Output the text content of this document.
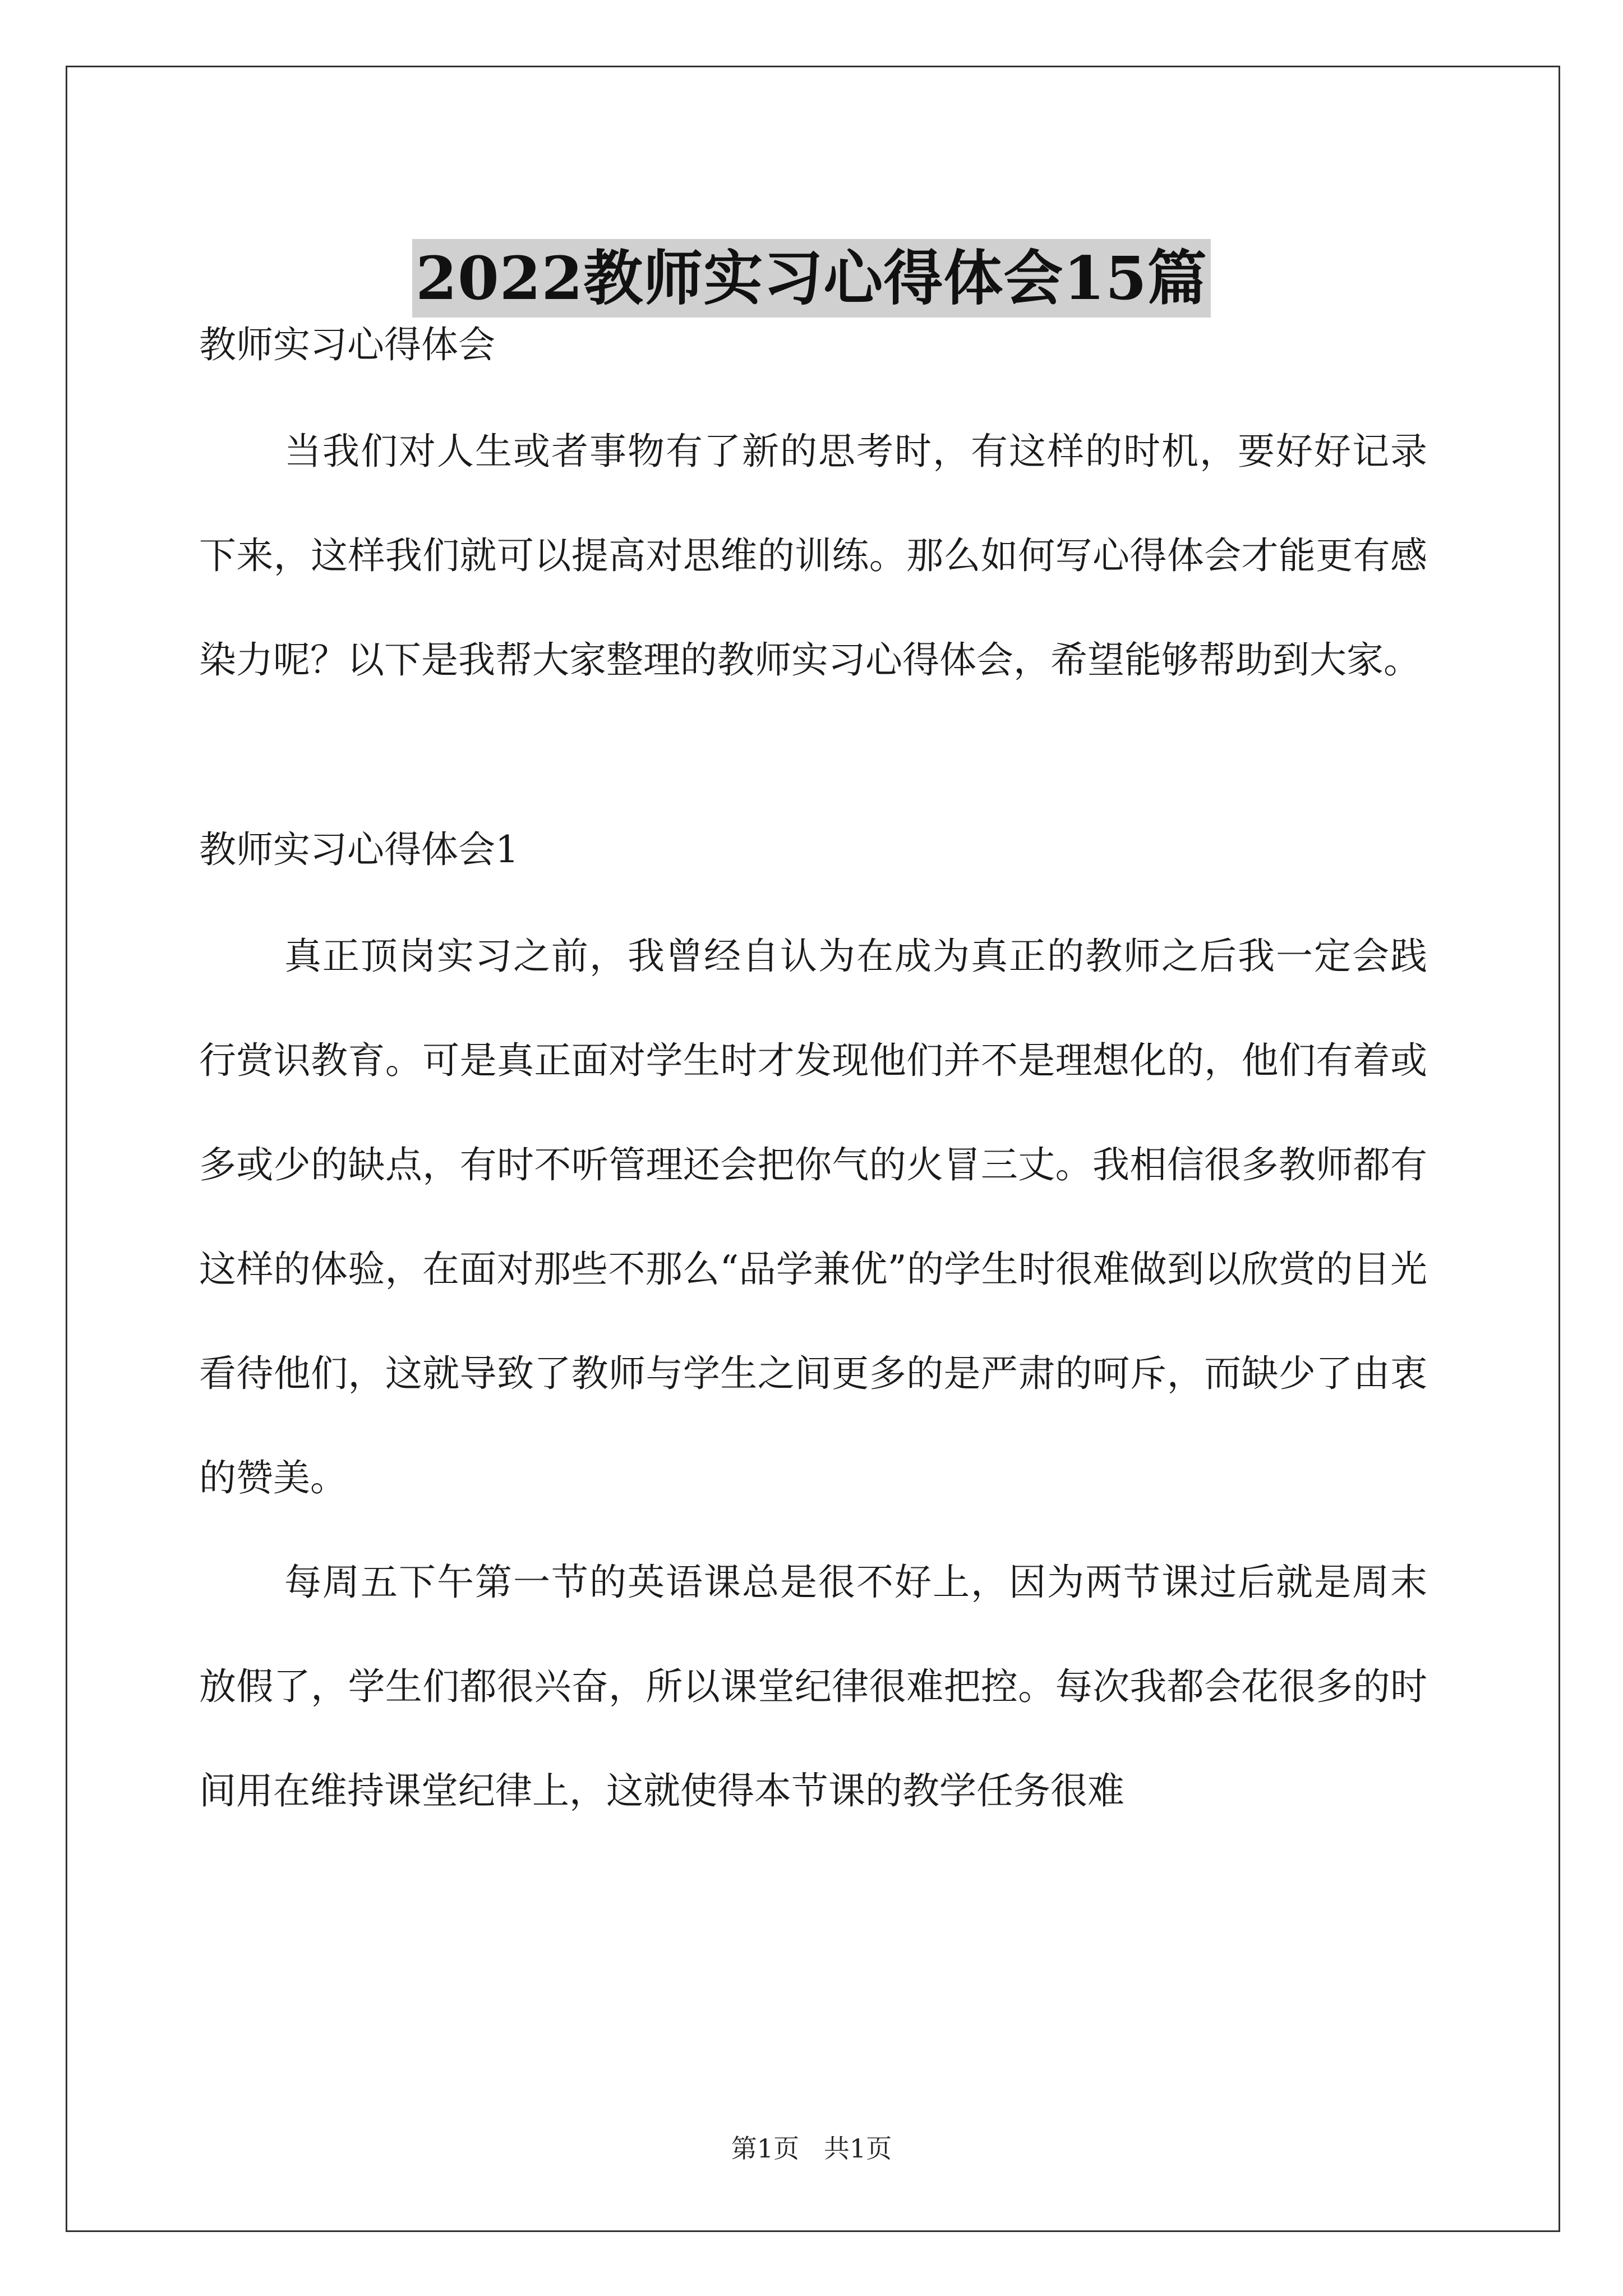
2022教师实习心得体会15篇

教师实习心得体会

当我们对人生或者事物有了新的思考时，有这样的时机，要好好记录下来，这样我们就可以提高对思维的训练。那么如何写心得体会才能更有感染力呢？以下是我帮大家整理的教师实习心得体会，希望能够帮助到大家。

教师实习心得体会1

真正顶岗实习之前，我曾经自认为在成为真正的教师之后我一定会践行赏识教育。可是真正面对学生时才发现他们并不是理想化的，他们有着或多或少的缺点，有时不听管理还会把你气的火冒三丈。我相信很多教师都有这样的体验，在面对那些不那么“品学兼优”的学生时很难做到以欣赏的目光看待他们，这就导致了教师与学生之间更多的是严肃的呵斥，而缺少了由衷的赞美。

每周五下午第一节的英语课总是很不好上，因为两节课过后就是周末放假了，学生们都很兴奋，所以课堂纪律很难把控。每次我都会花很多的时间用在维持课堂纪律上，这就使得本节课的教学任务很难

第1页   共1页
